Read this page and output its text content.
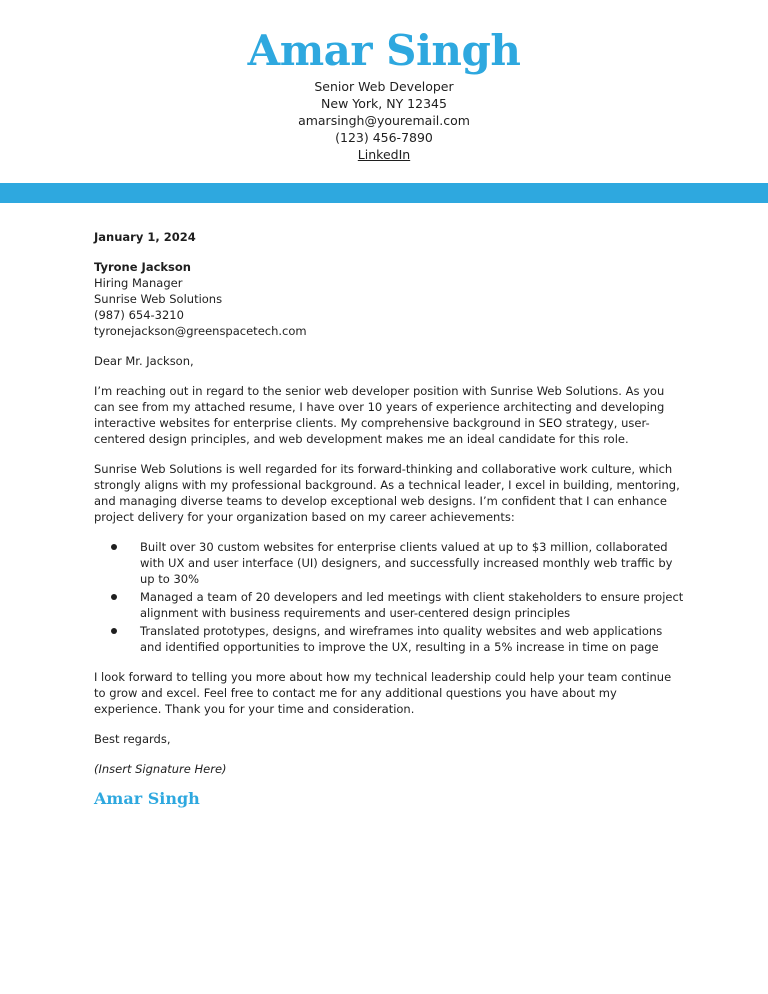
Amar Singh
Senior Web Developer
New York, NY 12345
amarsingh@youremail.com
(123) 456-7890
LinkedIn
January 1, 2024
Tyrone Jackson
Hiring Manager
Sunrise Web Solutions
(987) 654-3210
tyronejackson@greenspacetech.com
Dear Mr. Jackson,

I’m reaching out in regard to the senior web developer position with Sunrise Web Solutions. As you can see from my attached resume, I have over 10 years of experience architecting and developing interactive websites for enterprise clients. My comprehensive background in SEO strategy, user-centered design principles, and web development makes me an ideal candidate for this role.

Sunrise Web Solutions is well regarded for its forward-thinking and collaborative work culture, which strongly aligns with my professional background. As a technical leader, I excel in building, mentoring, and managing diverse teams to develop exceptional web designs. I’m confident that I can enhance project delivery for your organization based on my career achievements:

Built over 30 custom websites for enterprise clients valued at up to $3 million, collaborated with UX and user interface (UI) designers, and successfully increased monthly web traffic by up to 30%
Managed a team of 20 developers and led meetings with client stakeholders to ensure project alignment with business requirements and user-centered design principles
Translated prototypes, designs, and wireframes into quality websites and web applications and identified opportunities to improve the UX, resulting in a 5% increase in time on page

I look forward to telling you more about how my technical leadership could help your team continue to grow and excel. Feel free to contact me for any additional questions you have about my experience. Thank you for your time and consideration.

Best regards,
(Insert Signature Here)
Amar Singh
